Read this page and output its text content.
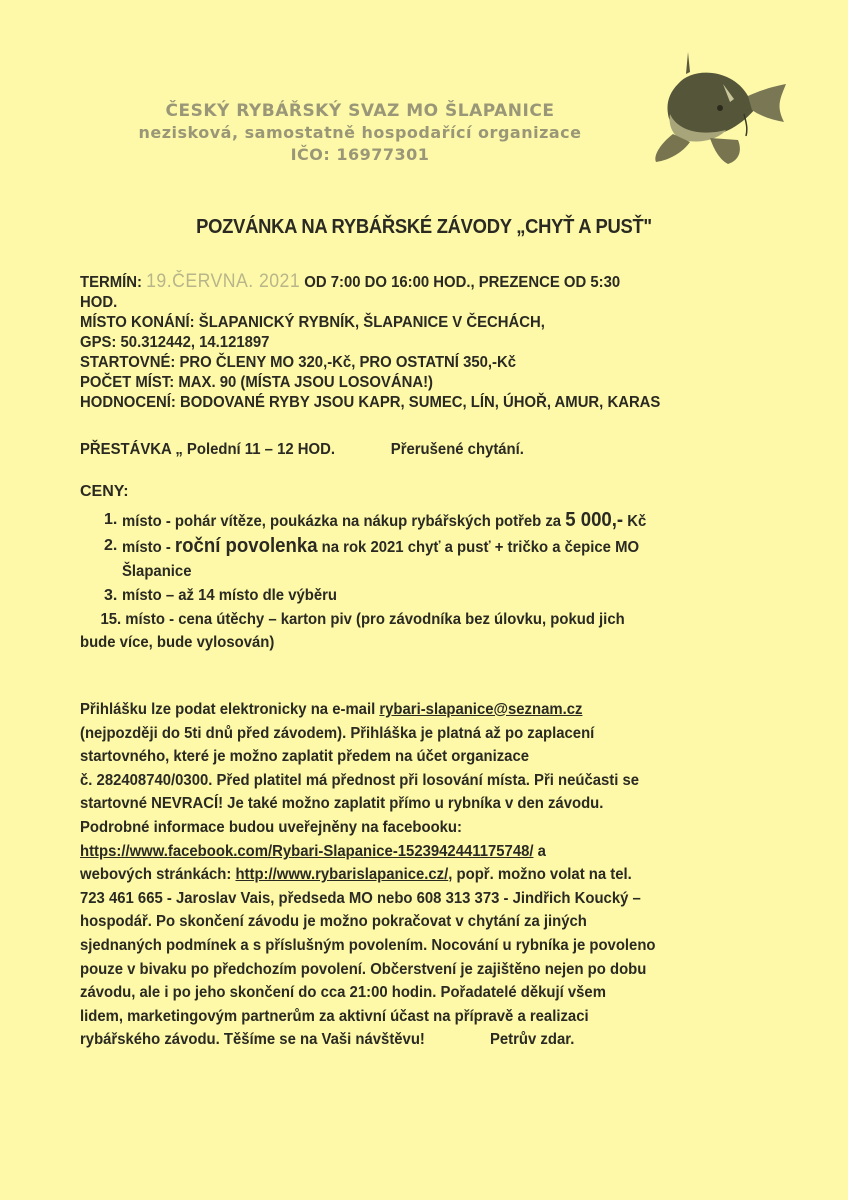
ČESKÝ RYBÁŘSKÝ SVAZ MO ŠLAPANICE
nezisková, samostatně hospodařící organizace
IČO: 16977301
POZVÁNKA NA RYBÁŘSKÉ ZÁVODY „CHYŤ A PUSŤ"
TERMÍN: 19.ČERVNA. 2021 OD 7:00 DO 16:00 HOD., PREZENCE OD 5:30
HOD.
MÍSTO KONÁNÍ: ŠLAPANICKÝ RYBNÍK, ŠLAPANICE V ČECHÁCH,
GPS: 50.312442, 14.121897
STARTOVNÉ: PRO ČLENY MO 320,-Kč, PRO OSTATNÍ 350,-Kč
POČET MÍST: MAX. 90 (MÍSTA JSOU LOSOVÁNA!)
HODNOCENÍ: BODOVANÉ RYBY JSOU KAPR, SUMEC, LÍN, ÚHOŘ, AMUR, KARAS
PŘESTÁVKA „ Polední 11 – 12 HOD.	Přerušené chytání.
CENY:
1. místo - pohár vítěze, poukázka na nákup rybářských potřeb za 5 000,- Kč
2. místo - roční povolenka na rok 2021 chyť a pusť + tričko a čepice MO
Šlapanice
3. místo – až 14 místo dle výběru
15. místo - cena útěchy – karton piv (pro závodníka bez úlovku, pokud jich
bude více, bude vylosován)
Přihlášku lze podat elektronicky na e-mail rybari-slapanice@seznam.cz
(nejpozději do 5ti dnů před závodem). Přihláška je platná až po zaplacení
startovného, které je možno zaplatit předem na účet organizace
č. 282408740/0300. Před platitel má přednost při losování místa. Při neúčasti se
startovné NEVRACÍ! Je také možno zaplatit přímo u rybníka v den závodu.
Podrobné informace budou uveřejněny na facebooku:
https://www.facebook.com/Rybari-Slapanice-1523942441175748/ a
webových stránkách: http://www.rybarislapanice.cz/, popř. možno volat na tel.
723 461 665 - Jaroslav Vais, předseda MO nebo 608 313 373 - Jindřich Koucký –
hospodář. Po skončení závodu je možno pokračovat v chytání za jiných
sjednaných podmínek a s příslušným povolením. Nocování u rybníka je povoleno
pouze v bivaku po předchozím povolení. Občerstvení je zajištěno nejen po dobu
závodu, ale i po jeho skončení do cca 21:00 hodin. Pořadatelé děkují všem
lidem, marketingovým partnerům za aktivní účast na přípravě a realizaci
rybářského závodu. Těšíme se na Vaši návštěvu!	Petrův zdar.
